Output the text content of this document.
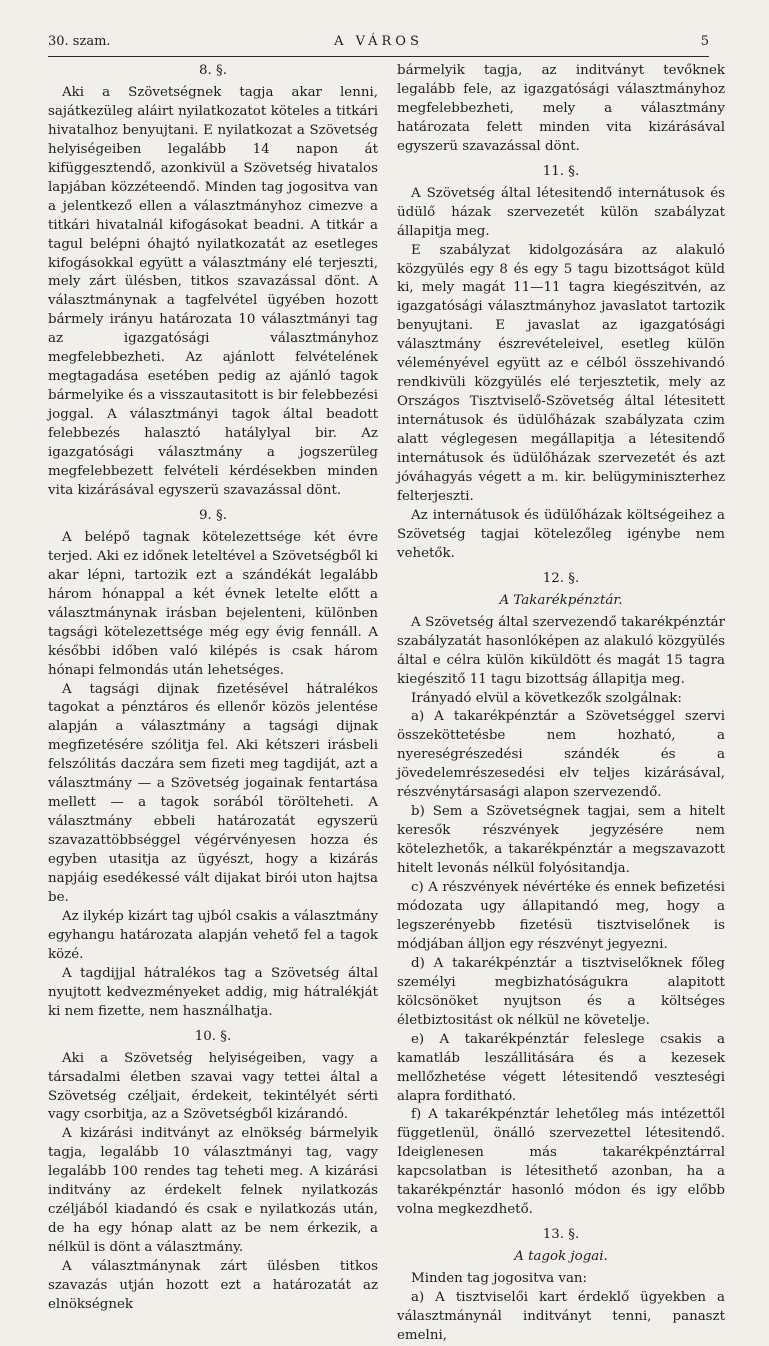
30. szam.	A VÁROS	5

8. §.

Aki a Szövetségnek tagja akar lenni, sajátkezüleg aláirt nyilatkozatot köteles a titkári hivatalhoz benyujtani. E nyilatkozat a Szövetség helyiségeiben legalább 14 napon át kifüggesztendő, azonkivül a Szövetség hivatalos lapjában közzéteendő. Minden tag jogositva van a jelentkező ellen a választmányhoz cimezve a titkári hivatalnál kifogásokat beadni. A titkár a tagul belépni óhajtó nyilatkozatát az esetleges kifogásokkal együtt a választmány elé terjeszti, mely zárt ülésben, titkos szavazással dönt. A választmánynak a tagfelvétel ügyében hozott bármely irányu határozata 10 választmányi tag az igazgatósági választmányhoz megfelebbezheti. Az ajánlott felvételének megtagadása esetében pedig az ajánló tagok bármelyike és a visszautasitott is bir felebbezési joggal. A választmányi tagok által beadott felebbezés halasztó hatálylyal bir. Az igazgatósági választmány a jogszerüleg megfelebbezett felvételi kérdésekben minden vita kizárásával egyszerü szavazással dönt.

9. §.

A belépő tagnak kötelezettsége két évre terjed. Aki ez időnek leteltével a Szövetségből ki akar lépni, tartozik ezt a szándékát legalább három hónappal a két évnek letelte előtt a választmánynak irásban bejelenteni, különben tagsági kötelezettsége még egy évig fennáll. A későbbi időben való kilépés is csak három hónapi felmondás után lehetséges.

A tagsági dijnak fizetésével hátralékos tagokat a pénztáros és ellenőr közös jelentése alapján a választmány a tagsági dijnak megfizetésére szólitja fel. Aki kétszeri irásbeli felszólitás daczára sem fizeti meg tagdiját, azt a választmány — a Szövetség jogainak fentartása mellett — a tagok sorából törölteheti. A választmány ebbeli határozatát egyszerü szavazattöbbséggel végérvényesen hozza és egyben utasitja az ügyészt, hogy a kizárás napjáig esedékessé vált dijakat birói uton hajtsa be.

Az ilykép kizárt tag ujból csakis a választmány egyhangu határozata alapján vehető fel a tagok közé.

A tagdijjal hátralékos tag a Szövetség által nyujtott kedvezményeket addig, mig hátralékját ki nem fizette, nem használhatja.

10. §.

Aki a Szövetség helyiségeiben, vagy a társadalmi életben szavai vagy tettei által a Szövetség czéljait, érdekeit, tekintélyét sérti vagy csorbitja, az a Szövetségből kizárandó.

A kizárási inditványt az elnökség bármelyik tagja, legalább 10 választmányi tag, vagy legalább 100 rendes tag teheti meg. A kizárási inditvány az érdekelt felnek nyilatkozás czéljából kiadandó és csak e nyilatkozás után, de ha egy hónap alatt az be nem érkezik, a nélkül is dönt a választmány.

A választmánynak zárt ülésben titkos szavazás utján hozott ezt a határozatát az elnökségnek

bármelyik tagja, az inditványt tevőknek legalább fele, az igazgatósági választmányhoz megfelebbezheti, mely a választmány határozata felett minden vita kizárásával egyszerü szavazással dönt.

11. §.

A Szövetség által létesitendő internátusok és üdülő házak szervezetét külön szabályzat állapitja meg.

E szabályzat kidolgozására az alakuló közgyülés egy 8 és egy 5 tagu bizottságot küld ki, mely magát 11—11 tagra kiegészitvén, az igazgatósági választmányhoz javaslatot tartozik benyujtani. E javaslat az igazgatósági választmány észrevételeivel, esetleg külön véleményével együtt az e célból összehivandó rendkivüli közgyülés elé terjesztetik, mely az Országos Tisztviselő-Szövetség által létesitett internátusok és üdülőházak szabályzata czim alatt véglegesen megállapitja a létesitendő internátusok és üdülőházak szervezetét és azt jóváhagyás végett a m. kir. belügyminiszterhez felterjeszti.

Az internátusok és üdülőházak költségeihez a Szövetség tagjai kötelezőleg igénybe nem vehetők.

12. §.

A Takarékpénztár.

A Szövetség által szervezendő takarékpénztár szabályzatát hasonlóképen az alakuló közgyülés által e célra külön kiküldött és magát 15 tagra kiegészitő 11 tagu bizottság állapitja meg.

Irányadó elvül a következők szolgálnak:

a) A takarékpénztár a Szövetséggel szervi összeköttetésbe nem hozható, a nyereségrészedési szándék és a jövedelemrészesedési elv teljes kizárásával, részvénytársasági alapon szervezendő.

b) Sem a Szövetségnek tagjai, sem a hitelt keresők részvények jegyzésére nem kötelezhetők, a takarékpénztár a megszavazott hitelt levonás nélkül folyósitandja.

c) A részvények névértéke és ennek befizetési módozata ugy állapitandó meg, hogy a legszerényebb fizetésü tisztviselőnek is módjában álljon egy részvényt jegyezni.

d) A takarékpénztár a tisztviselőknek főleg személyi megbizhatóságukra alapitott kölcsönöket nyujtson és a költséges életbiztositást ok nélkül ne követelje.

e) A takarékpénztár feleslege csakis a kamatláb leszállitására és a kezesek mellőzhetése végett létesitendő veszteségi alapra forditható.

f) A takarékpénztár lehetőleg más intézettől függetlenül, önálló szervezettel létesitendő. Ideiglenesen más takarékpénztárral kapcsolatban is létesithető azonban, ha a takarékpénztár hasonló módon és igy előbb volna megkezdhető.

13. §.

A tagok jogai.

Minden tag jogositva van:

a) A tisztviselői kart érdeklő ügyekben a választmánynál inditványt tenni, panaszt emelni,
